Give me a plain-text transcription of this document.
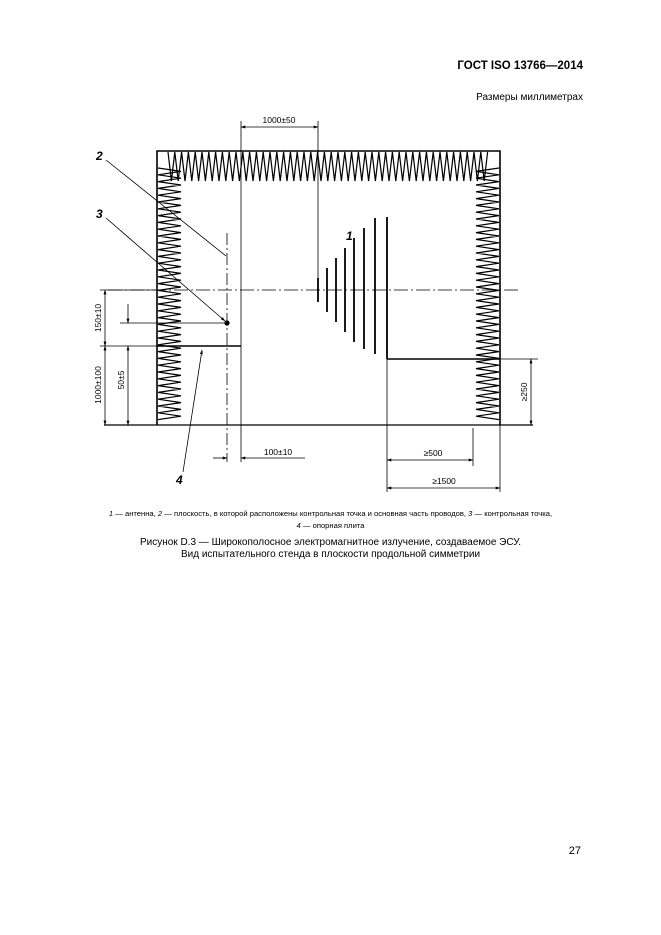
ГОСТ ISO 13766—2014
Размеры миллиметрах
1000±50
150±10
1000±100 50±5
100±10	≥500
≥1500
≥250
1
2
3
4
1 — антенна, 2 — плоскость, в которой расположены контрольная точка и основная часть проводов, 3 — контрольная точка,
4 — опорная плита
Рисунок D.3 — Широкополосное электромагнитное излучение, создаваемое ЭСУ.
Вид испытательного стенда в плоскости продольной симметрии
27
